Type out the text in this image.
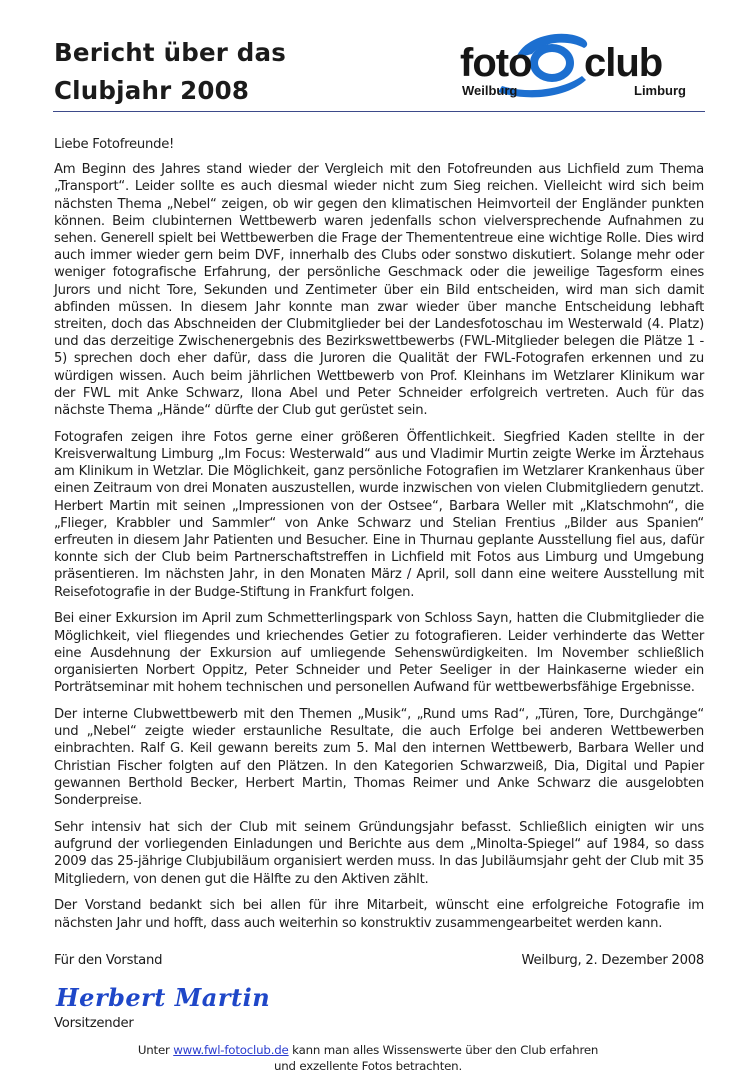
Bericht über das
Clubjahr 2008
foto club
Weilburg	Limburg

Liebe Fotofreunde!

Am Beginn des Jahres stand wieder der Vergleich mit den Fotofreunden aus Lichfield zum Thema „Transport“. Leider sollte es auch diesmal wieder nicht zum Sieg reichen. Vielleicht wird sich beim nächsten Thema „Nebel“ zeigen, ob wir gegen den klimatischen Heimvorteil der Engländer punkten können. Beim clubinternen Wettbewerb waren jedenfalls schon vielversprechende Aufnahmen zu sehen. Generell spielt bei Wettbewerben die Frage der Themententreue eine wichtige Rolle. Dies wird auch immer wieder gern beim DVF, innerhalb des Clubs oder sonstwo diskutiert. Solange mehr oder weniger fotografische Erfahrung, der persönliche Geschmack oder die jeweilige Tagesform eines Jurors und nicht Tore, Sekunden und Zentimeter über ein Bild entscheiden, wird man sich damit abfinden müssen. In diesem Jahr konnte man zwar wieder über manche Entscheidung lebhaft streiten, doch das Abschneiden der Clubmitglieder bei der Landesfotoschau im Westerwald (4. Platz) und das derzeitige Zwischenergebnis des Bezirkswettbewerbs (FWL-Mitglieder belegen die Plätze 1 - 5) sprechen doch eher dafür, dass die Juroren die Qualität der FWL-Fotografen erkennen und zu würdigen wissen. Auch beim jährlichen Wettbewerb von Prof. Kleinhans im Wetzlarer Klinikum war der FWL mit Anke Schwarz, Ilona Abel und Peter Schneider erfolgreich vertreten. Auch für das nächste Thema „Hände“ dürfte der Club gut gerüstet sein.

Fotografen zeigen ihre Fotos gerne einer größeren Öffentlichkeit. Siegfried Kaden stellte in der Kreisverwaltung Limburg „Im Focus: Westerwald“ aus und Vladimir Murtin zeigte Werke im Ärztehaus am Klinikum in Wetzlar. Die Möglichkeit, ganz persönliche Fotografien im Wetzlarer Krankenhaus über einen Zeitraum von drei Monaten auszustellen, wurde inzwischen von vielen Clubmitgliedern genutzt. Herbert Martin mit seinen „Impressionen von der Ostsee“, Barbara Weller mit „Klatschmohn“, die „Flieger, Krabbler und Sammler“ von Anke Schwarz und Stelian Frentius „Bilder aus Spanien“ erfreuten in diesem Jahr Patienten und Besucher. Eine in Thurnau geplante Ausstellung fiel aus, dafür konnte sich der Club beim Partnerschaftstreffen in Lichfield mit Fotos aus Limburg und Umgebung präsentieren. Im nächsten Jahr, in den Monaten März / April, soll dann eine weitere Ausstellung mit Reisefotografie in der Budge-Stiftung in Frankfurt folgen.

Bei einer Exkursion im April zum Schmetterlingspark von Schloss Sayn, hatten die Clubmitglieder die Möglichkeit, viel fliegendes und kriechendes Getier zu fotografieren. Leider verhinderte das Wetter eine Ausdehnung der Exkursion auf umliegende Sehenswürdigkeiten. Im November schließlich organisierten Norbert Oppitz, Peter Schneider und Peter Seeliger in der Hainkaserne wieder ein Porträtseminar mit hohem technischen und personellen Aufwand für wettbewerbsfähige Ergebnisse.

Der interne Clubwettbewerb mit den Themen „Musik“, „Rund ums Rad“, „Türen, Tore, Durchgänge“ und „Nebel“ zeigte wieder erstaunliche Resultate, die auch Erfolge bei anderen Wettbewerben einbrachten. Ralf G. Keil gewann bereits zum 5. Mal den internen Wettbewerb, Barbara Weller und Christian Fischer folgten auf den Plätzen. In den Kategorien Schwarzweiß, Dia, Digital und Papier gewannen Berthold Becker, Herbert Martin, Thomas Reimer und Anke Schwarz die ausgelobten Sonderpreise.

Sehr intensiv hat sich der Club mit seinem Gründungsjahr befasst. Schließlich einigten wir uns aufgrund der vorliegenden Einladungen und Berichte aus dem „Minolta-Spiegel“ auf 1984, so dass 2009 das 25-jährige Clubjubiläum organisiert werden muss. In das Jubiläumsjahr geht der Club mit 35 Mitgliedern, von denen gut die Hälfte zu den Aktiven zählt.

Der Vorstand bedankt sich bei allen für ihre Mitarbeit, wünscht eine erfolgreiche Fotografie im nächsten Jahr und hofft, dass auch weiterhin so konstruktiv zusammengearbeitet werden kann.

Für den Vorstand	Weilburg, 2. Dezember 2008
Herbert Martin
Vorsitzender
Unter www.fwl-fotoclub.de kann man alles Wissenswerte über den Club erfahren
und exzellente Fotos betrachten.
